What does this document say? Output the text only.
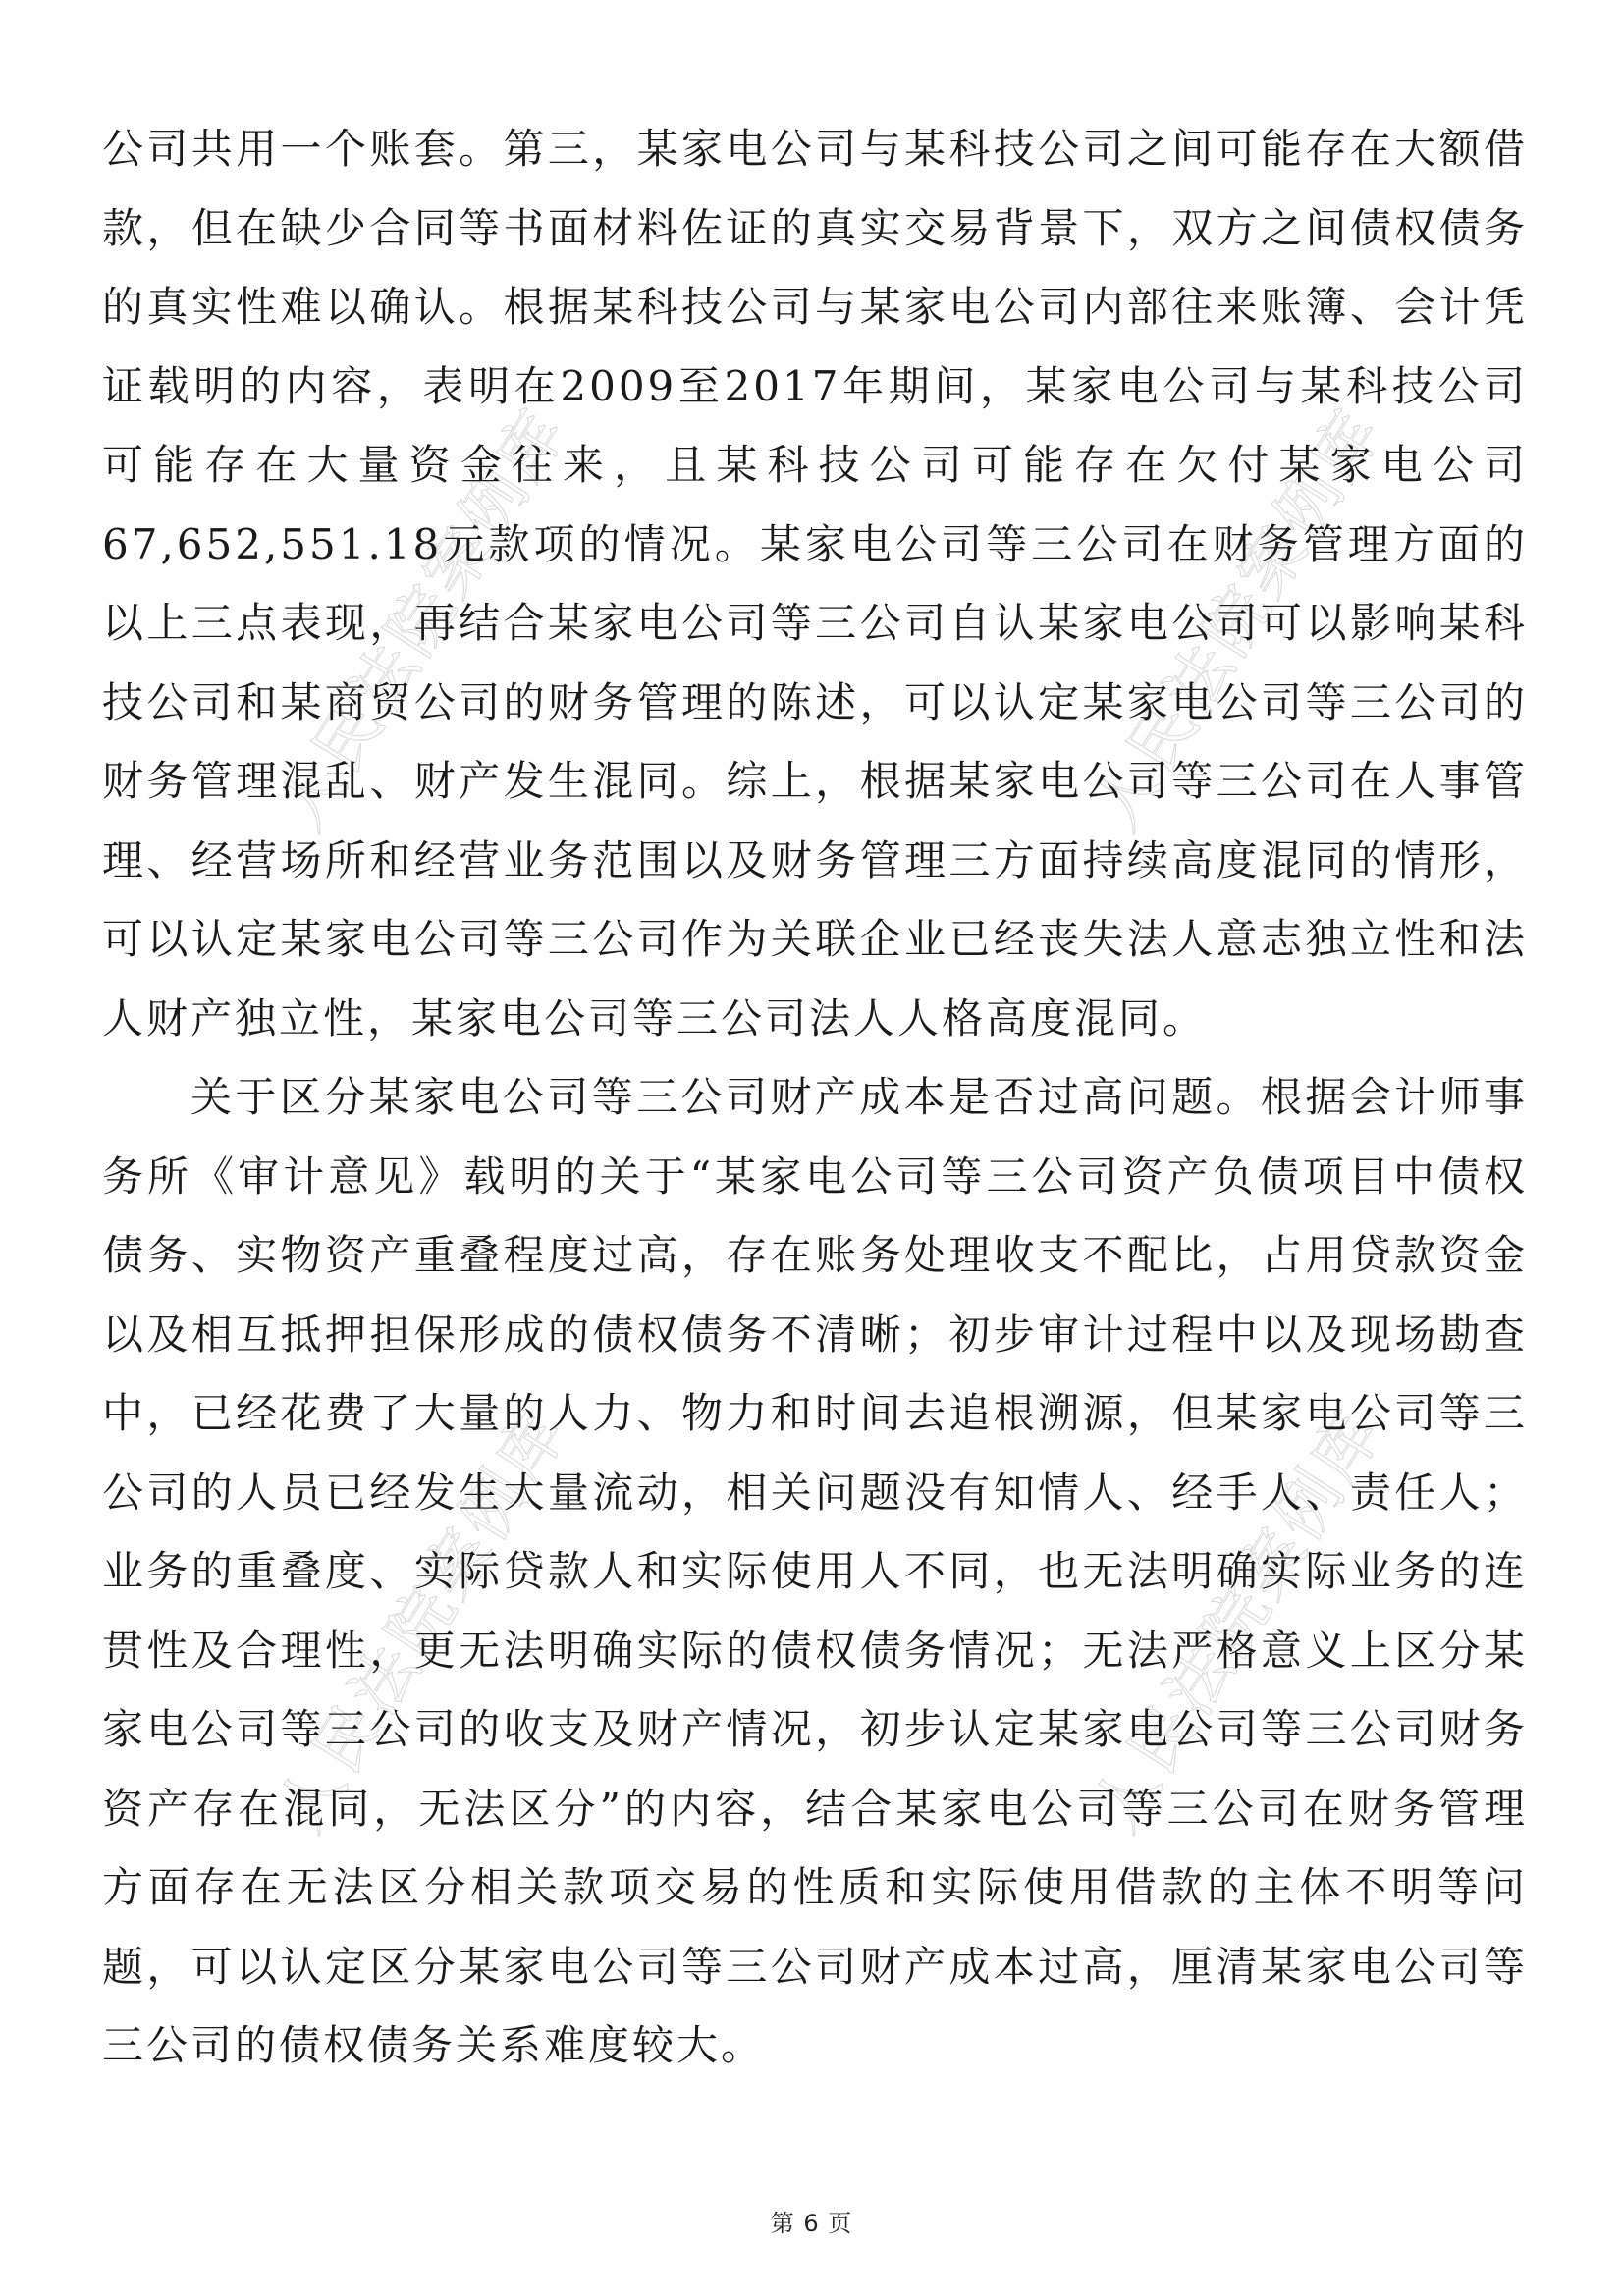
人民法院案例库	人民法院案例库
人民法院案例库	人民法院案例库

公司共用一个账套。第三，某家电公司与某科技公司之间可能存在大额借款，但在缺少合同等书面材料佐证的真实交易背景下，双方之间债权债务的真实性难以确认。根据某科技公司与某家电公司内部往来账簿、会计凭证载明的内容，表明在2009至2017年期间，某家电公司与某科技公司可能存在大量资金往来，且某科技公司可能存在欠付某家电公司67,652,551.18元款项的情况。某家电公司等三公司在财务管理方面的以上三点表现，再结合某家电公司等三公司自认某家电公司可以影响某科技公司和某商贸公司的财务管理的陈述，可以认定某家电公司等三公司的财务管理混乱、财产发生混同。综上，根据某家电公司等三公司在人事管理、经营场所和经营业务范围以及财务管理三方面持续高度混同的情形，可以认定某家电公司等三公司作为关联企业已经丧失法人意志独立性和法人财产独立性，某家电公司等三公司法人人格高度混同。

关于区分某家电公司等三公司财产成本是否过高问题。根据会计师事务所《审计意见》载明的关于“某家电公司等三公司资产负债项目中债权债务、实物资产重叠程度过高，存在账务处理收支不配比，占用贷款资金以及相互抵押担保形成的债权债务不清晰；初步审计过程中以及现场勘查中，已经花费了大量的人力、物力和时间去追根溯源，但某家电公司等三公司的人员已经发生大量流动，相关问题没有知情人、经手人、责任人；业务的重叠度、实际贷款人和实际使用人不同，也无法明确实际业务的连贯性及合理性，更无法明确实际的债权债务情况；无法严格意义上区分某家电公司等三公司的收支及财产情况，初步认定某家电公司等三公司财务资产存在混同，无法区分”的内容，结合某家电公司等三公司在财务管理方面存在无法区分相关款项交易的性质和实际使用借款的主体不明等问题，可以认定区分某家电公司等三公司财产成本过高，厘清某家电公司等三公司的债权债务关系难度较大。

第 6 页
